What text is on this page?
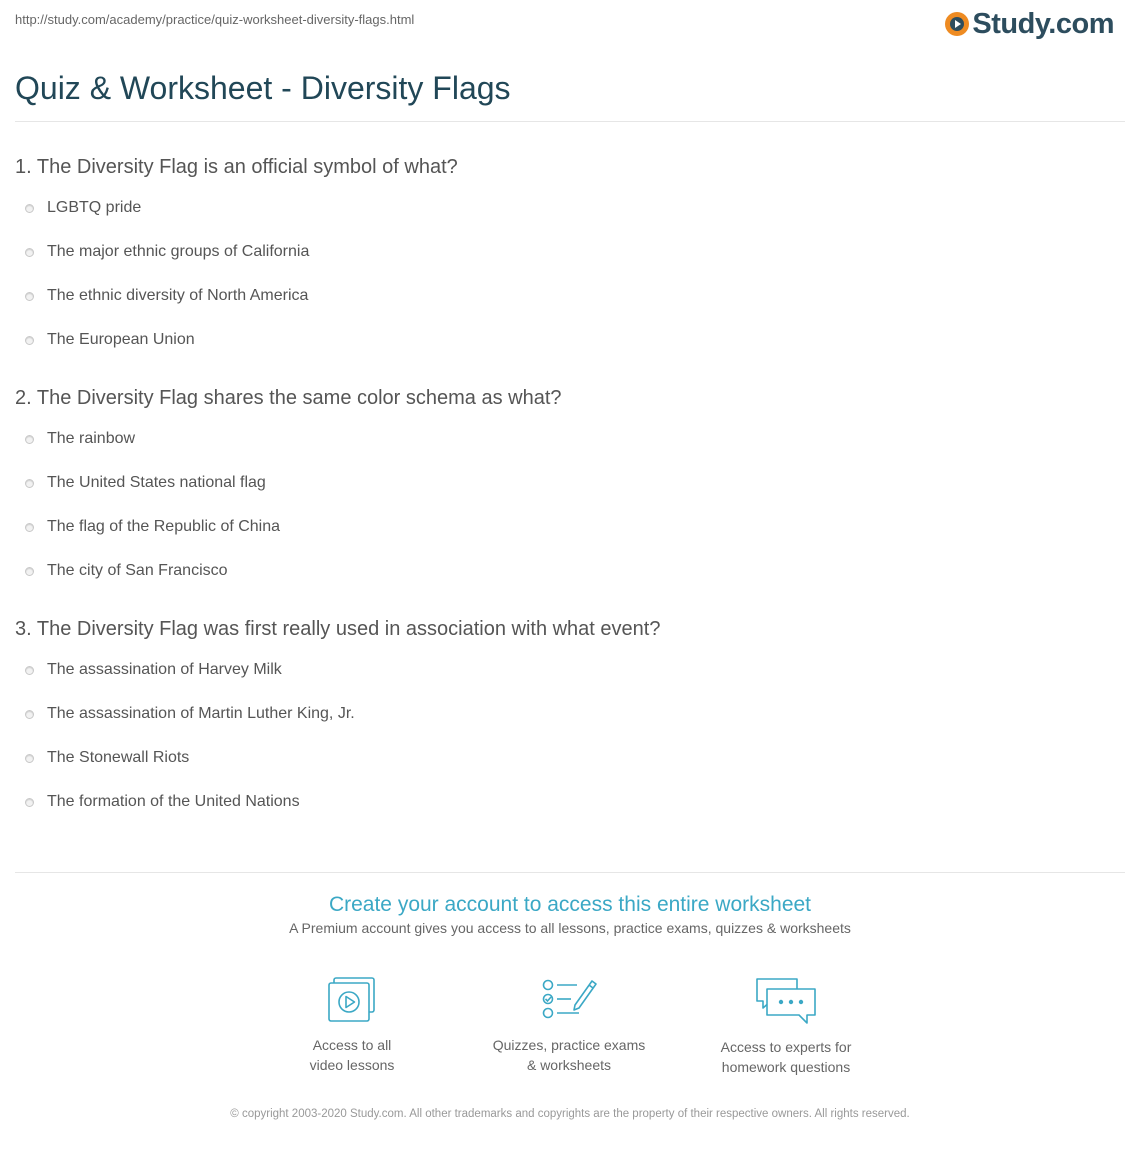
http://study.com/academy/practice/quiz-worksheet-diversity-flags.html	Study.com
Quiz & Worksheet - Diversity Flags
1. The Diversity Flag is an official symbol of what?
LGBTQ pride
The major ethnic groups of California
The ethnic diversity of North America
The European Union
2. The Diversity Flag shares the same color schema as what?
The rainbow
The United States national flag
The flag of the Republic of China
The city of San Francisco
3. The Diversity Flag was first really used in association with what event?
The assassination of Harvey Milk
The assassination of Martin Luther King, Jr.
The Stonewall Riots
The formation of the United Nations
Create your account to access this entire worksheet
A Premium account gives you access to all lessons, practice exams, quizzes & worksheets
Access to all
video lessons
Quizzes, practice exams
& worksheets
Access to experts for
homework questions
© copyright 2003-2020 Study.com. All other trademarks and copyrights are the property of their respective owners. All rights reserved.
